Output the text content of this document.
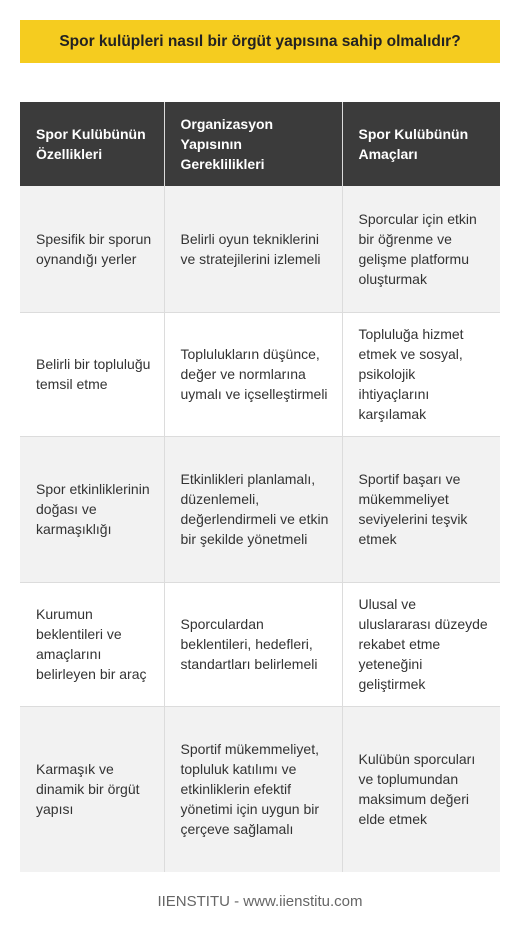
Spor kulüpleri nasıl bir örgüt yapısına sahip olmalıdır?
Spor Kulübünün Özellikleri	Organizasyon Yapısının Gereklilikleri	Spor Kulübünün Amaçları
Spesifik bir sporun oynandığı yerler	Belirli oyun tekniklerini ve stratejilerini izlemeli	Sporcular için etkin bir öğrenme ve gelişme platformu oluşturmak
Belirli bir topluluğu temsil etme	Toplulukların düşünce, değer ve normlarına uymalı ve içselleştirmeli	Topluluğa hizmet etmek ve sosyal, psikolojik ihtiyaçlarını karşılamak
Spor etkinliklerinin doğası ve karmaşıklığı	Etkinlikleri planlamalı, düzenlemeli, değerlendirmeli ve etkin bir şekilde yönetmeli	Sportif başarı ve mükemmeliyet seviyelerini teşvik etmek
Kurumun beklentileri ve amaçlarını belirleyen bir araç	Sporculardan beklentileri, hedefleri, standartları belirlemeli	Ulusal ve uluslararası düzeyde rekabet etme yeteneğini geliştirmek
Karmaşık ve dinamik bir örgüt yapısı	Sportif mükemmeliyet, topluluk katılımı ve etkinliklerin efektif yönetimi için uygun bir çerçeve sağlamalı	Kulübün sporcuları ve toplumundan maksimum değeri elde etmek
IIENSTITU - www.iienstitu.com
